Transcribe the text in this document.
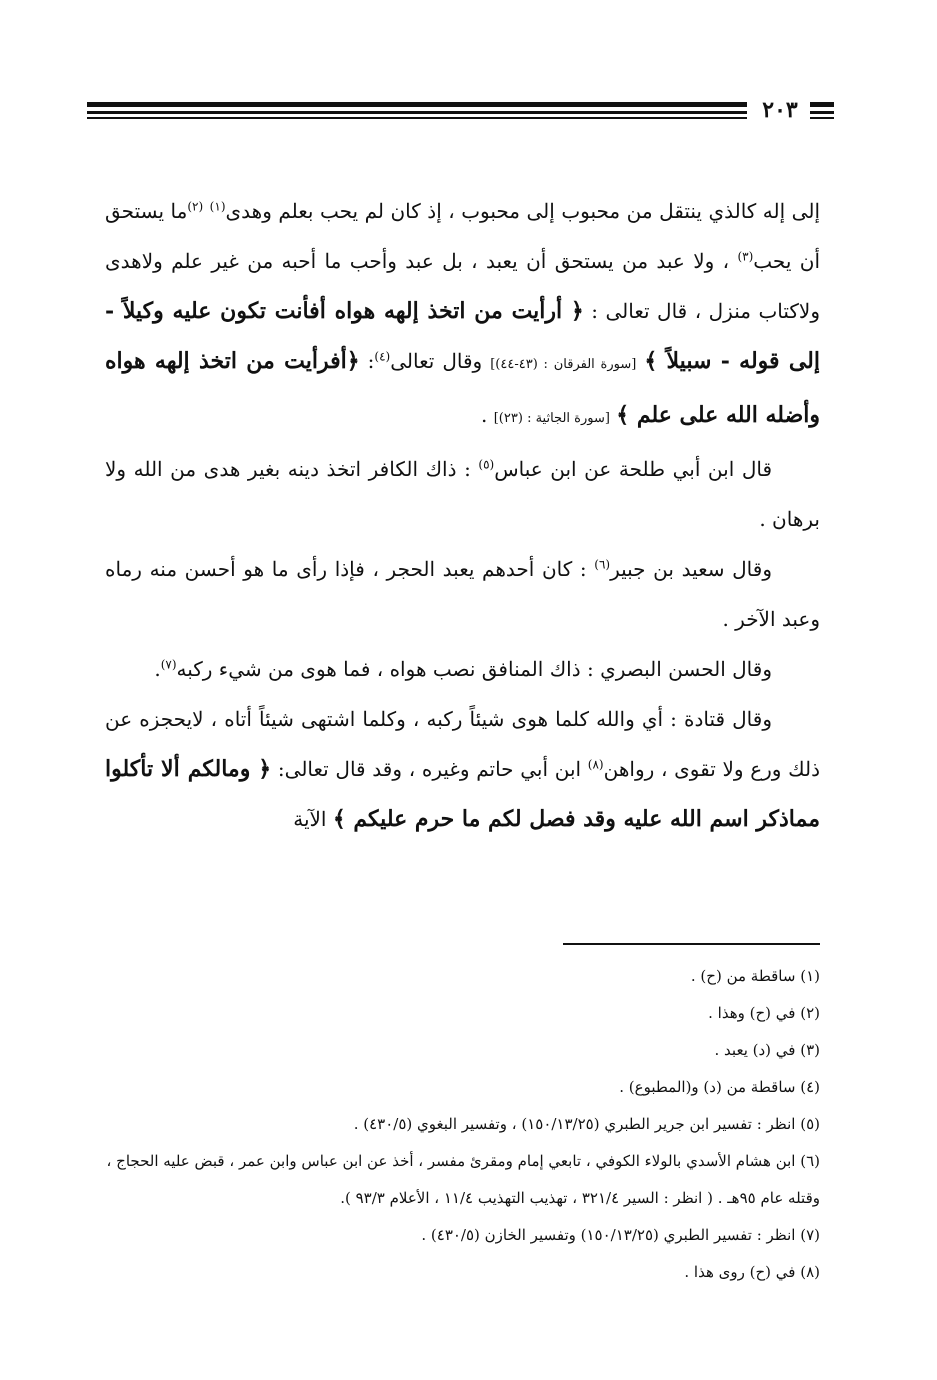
٢٠٣

إلى إله كالذي ينتقل من محبوب إلى محبوب ، إذ كان لم يحب بعلم وهدى$^{(١)}$ $^{(٢)}$ما يستحق أن يحب$^{(٣)}$ ، ولا عبد من يستحق أن يعبد ، بل عبد وأحب ما أحبه من غير علم ولاهدى ولاكتاب منزل ، قال تعالى : ﴿ أرأيت من اتخذ إلهه هواه أفأنت تكون عليه وكيلاً - إلى قوله - سبيلاً ﴾ [سورة الفرقان : (٤٣-٤٤)] وقال تعالى$^{(٤)}$: ﴿أفرأيت من اتخذ إلهه هواه وأضله الله على علم ﴾ [سورة الجاثية : (٢٣)] .

قال ابن أبي طلحة عن ابن عباس$^{(٥)}$ : ذاك الكافر اتخذ دينه بغير هدى من الله ولا برهان .

وقال سعيد بن جبير$^{(٦)}$ : كان أحدهم يعبد الحجر ، فإذا رأى ما هو أحسن منه رماه وعبد الآخر .

وقال الحسن البصري : ذاك المنافق نصب هواه ، فما هوى من شيء ركبه$^{(٧)}$.

وقال قتادة : أي والله كلما هوى شيئاً ركبه ، وكلما اشتهى شيئاً أتاه ، لايحجزه عن ذلك ورع ولا تقوى ، رواهن$^{(٨)}$ ابن أبي حاتم وغيره ، وقد قال تعالى: ﴿ ومالكم ألا تأكلوا مماذكر اسم الله عليه وقد فصل لكم ما حرم عليكم ﴾ الآية

(١) ساقطة من (ح) .

(٢) في (ح) وهذا .

(٣) في (د) يعبد .

(٤) ساقطة من (د) و(المطبوع) .

(٥) انظر : تفسير ابن جرير الطبري (١٥٠/١٣/٢٥) ، وتفسير البغوي (٤٣٠/٥) .

(٦) ابن هشام الأسدي بالولاء الكوفي ، تابعي إمام ومقرئ مفسر ، أخذ عن ابن عباس وابن عمر ، قبض عليه الحجاج ، وقتله عام ٩٥هـ . ( انظر : السير ٣٢١/٤ ، تهذيب التهذيب ١١/٤ ، الأعلام ٩٣/٣ ).

(٧) انظر : تفسير الطبري (١٥٠/١٣/٢٥) وتفسير الخازن (٤٣٠/٥) .

(٨) في (ح) روى هذا .
